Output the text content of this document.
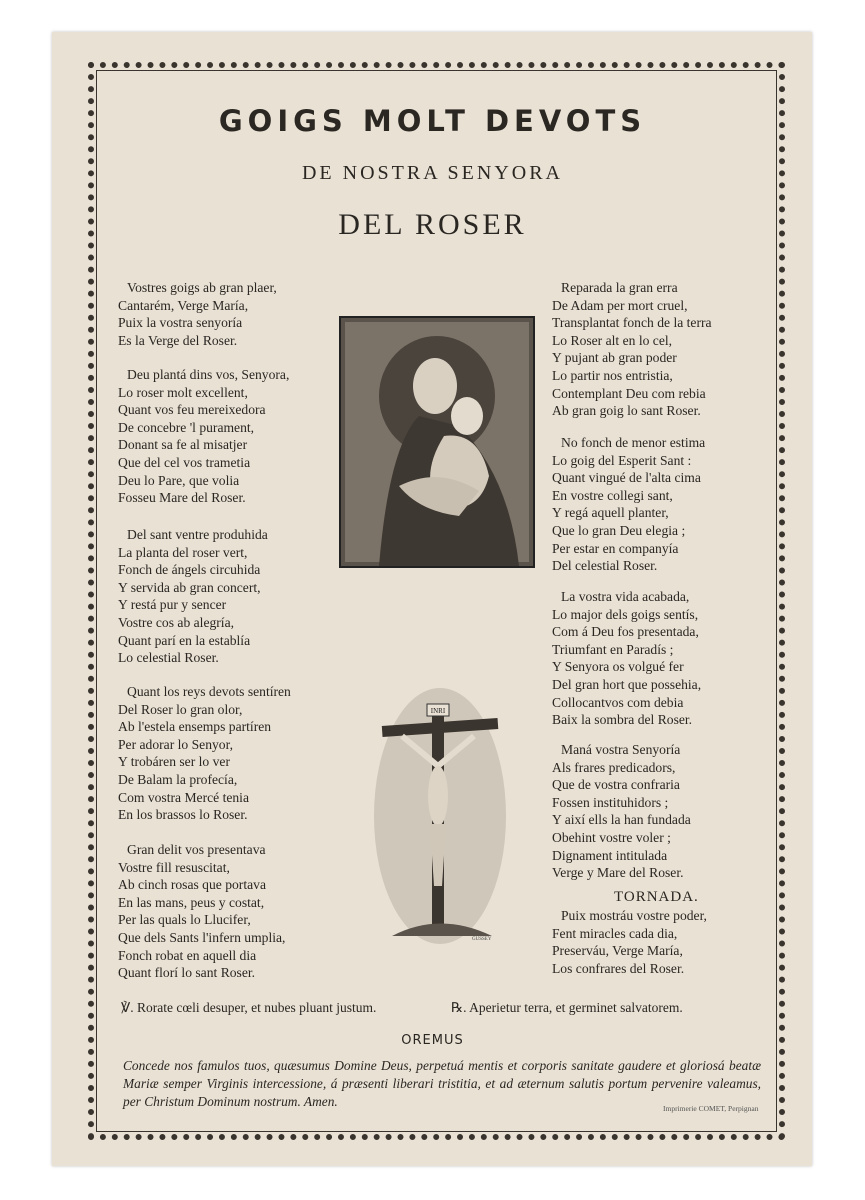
GOIGS MOLT DEVOTS
DE NOSTRA SENYORA
DEL ROSER
Vostres goigs ab gran plaer,
Cantarém, Verge María,
Puix la vostra senyoría
Es la Verge del Roser.
Deu plantá dins vos, Senyora,
Lo roser molt excellent,
Quant vos feu mereixedora
De concebre 'l purament,
Donant sa fe al misatjer
Que del cel vos trametia
Deu lo Pare, que volia
Fosseu Mare del Roser.
Del sant ventre produhida
La planta del roser vert,
Fonch de ángels circuhida
Y servida ab gran concert,
Y restá pur y sencer
Vostre cos ab alegría,
Quant parí en la establía
Lo celestial Roser.
Quant los reys devots sentíren
Del Roser lo gran olor,
Ab l'estela ensemps partíren
Per adorar lo Senyor,
Y trobáren ser lo ver
De Balam la profecía,
Com vostra Mercé tenia
En los brassos lo Roser.
Gran delit vos presentava
Vostre fill resuscitat,
Ab cinch rosas que portava
En las mans, peus y costat,
Per las quals lo Llucifer,
Que dels Sants l'infern umplia,
Fonch robat en aquell dia
Quant florí lo sant Roser.
Reparada la gran erra
De Adam per mort cruel,
Transplantat fonch de la terra
Lo Roser alt en lo cel,
Y pujant ab gran poder
Lo partir nos entristia,
Contemplant Deu com rebia
Ab gran goig lo sant Roser.
No fonch de menor estima
Lo goig del Esperit Sant :
Quant vingué de l'alta cima
En vostre collegi sant,
Y regá aquell planter,
Que lo gran Deu elegia ;
Per estar en companyía
Del celestial Roser.
La vostra vida acabada,
Lo major dels goigs sentís,
Com á Deu fos presentada,
Triumfant en Paradís ;
Y Senyora os volgué fer
Del gran hort que possehia,
Collocantvos com debia
Baix la sombra del Roser.
Maná vostra Senyoría
Als frares predicadors,
Que de vostra confraria
Fossen instituhidors ;
Y així ells la han fundada
Obehint vostre voler ;
Dignament intitulada
Verge y Mare del Roser.
TORNADA.
Puix mostráu vostre poder,
Fent miracles cada dia,
Preserváu, Verge María,
Los confrares del Roser.
INRI
GUSSEY
℣. Rorate cœli desuper, et nubes pluant justum.	℞. Aperietur terra, et germinet salvatorem.
OREMUS
Concede nos famulos tuos, quæsumus Domine Deus, perpetuá mentis et corporis sanitate gaudere et gloriosá beatæ Mariæ semper Virginis intercessione, á præsenti liberari tristitia, et ad æternum salutis portum pervenire valeamus, per Christum Dominum nostrum. Amen.	Imprimerie COMET, Perpignan
